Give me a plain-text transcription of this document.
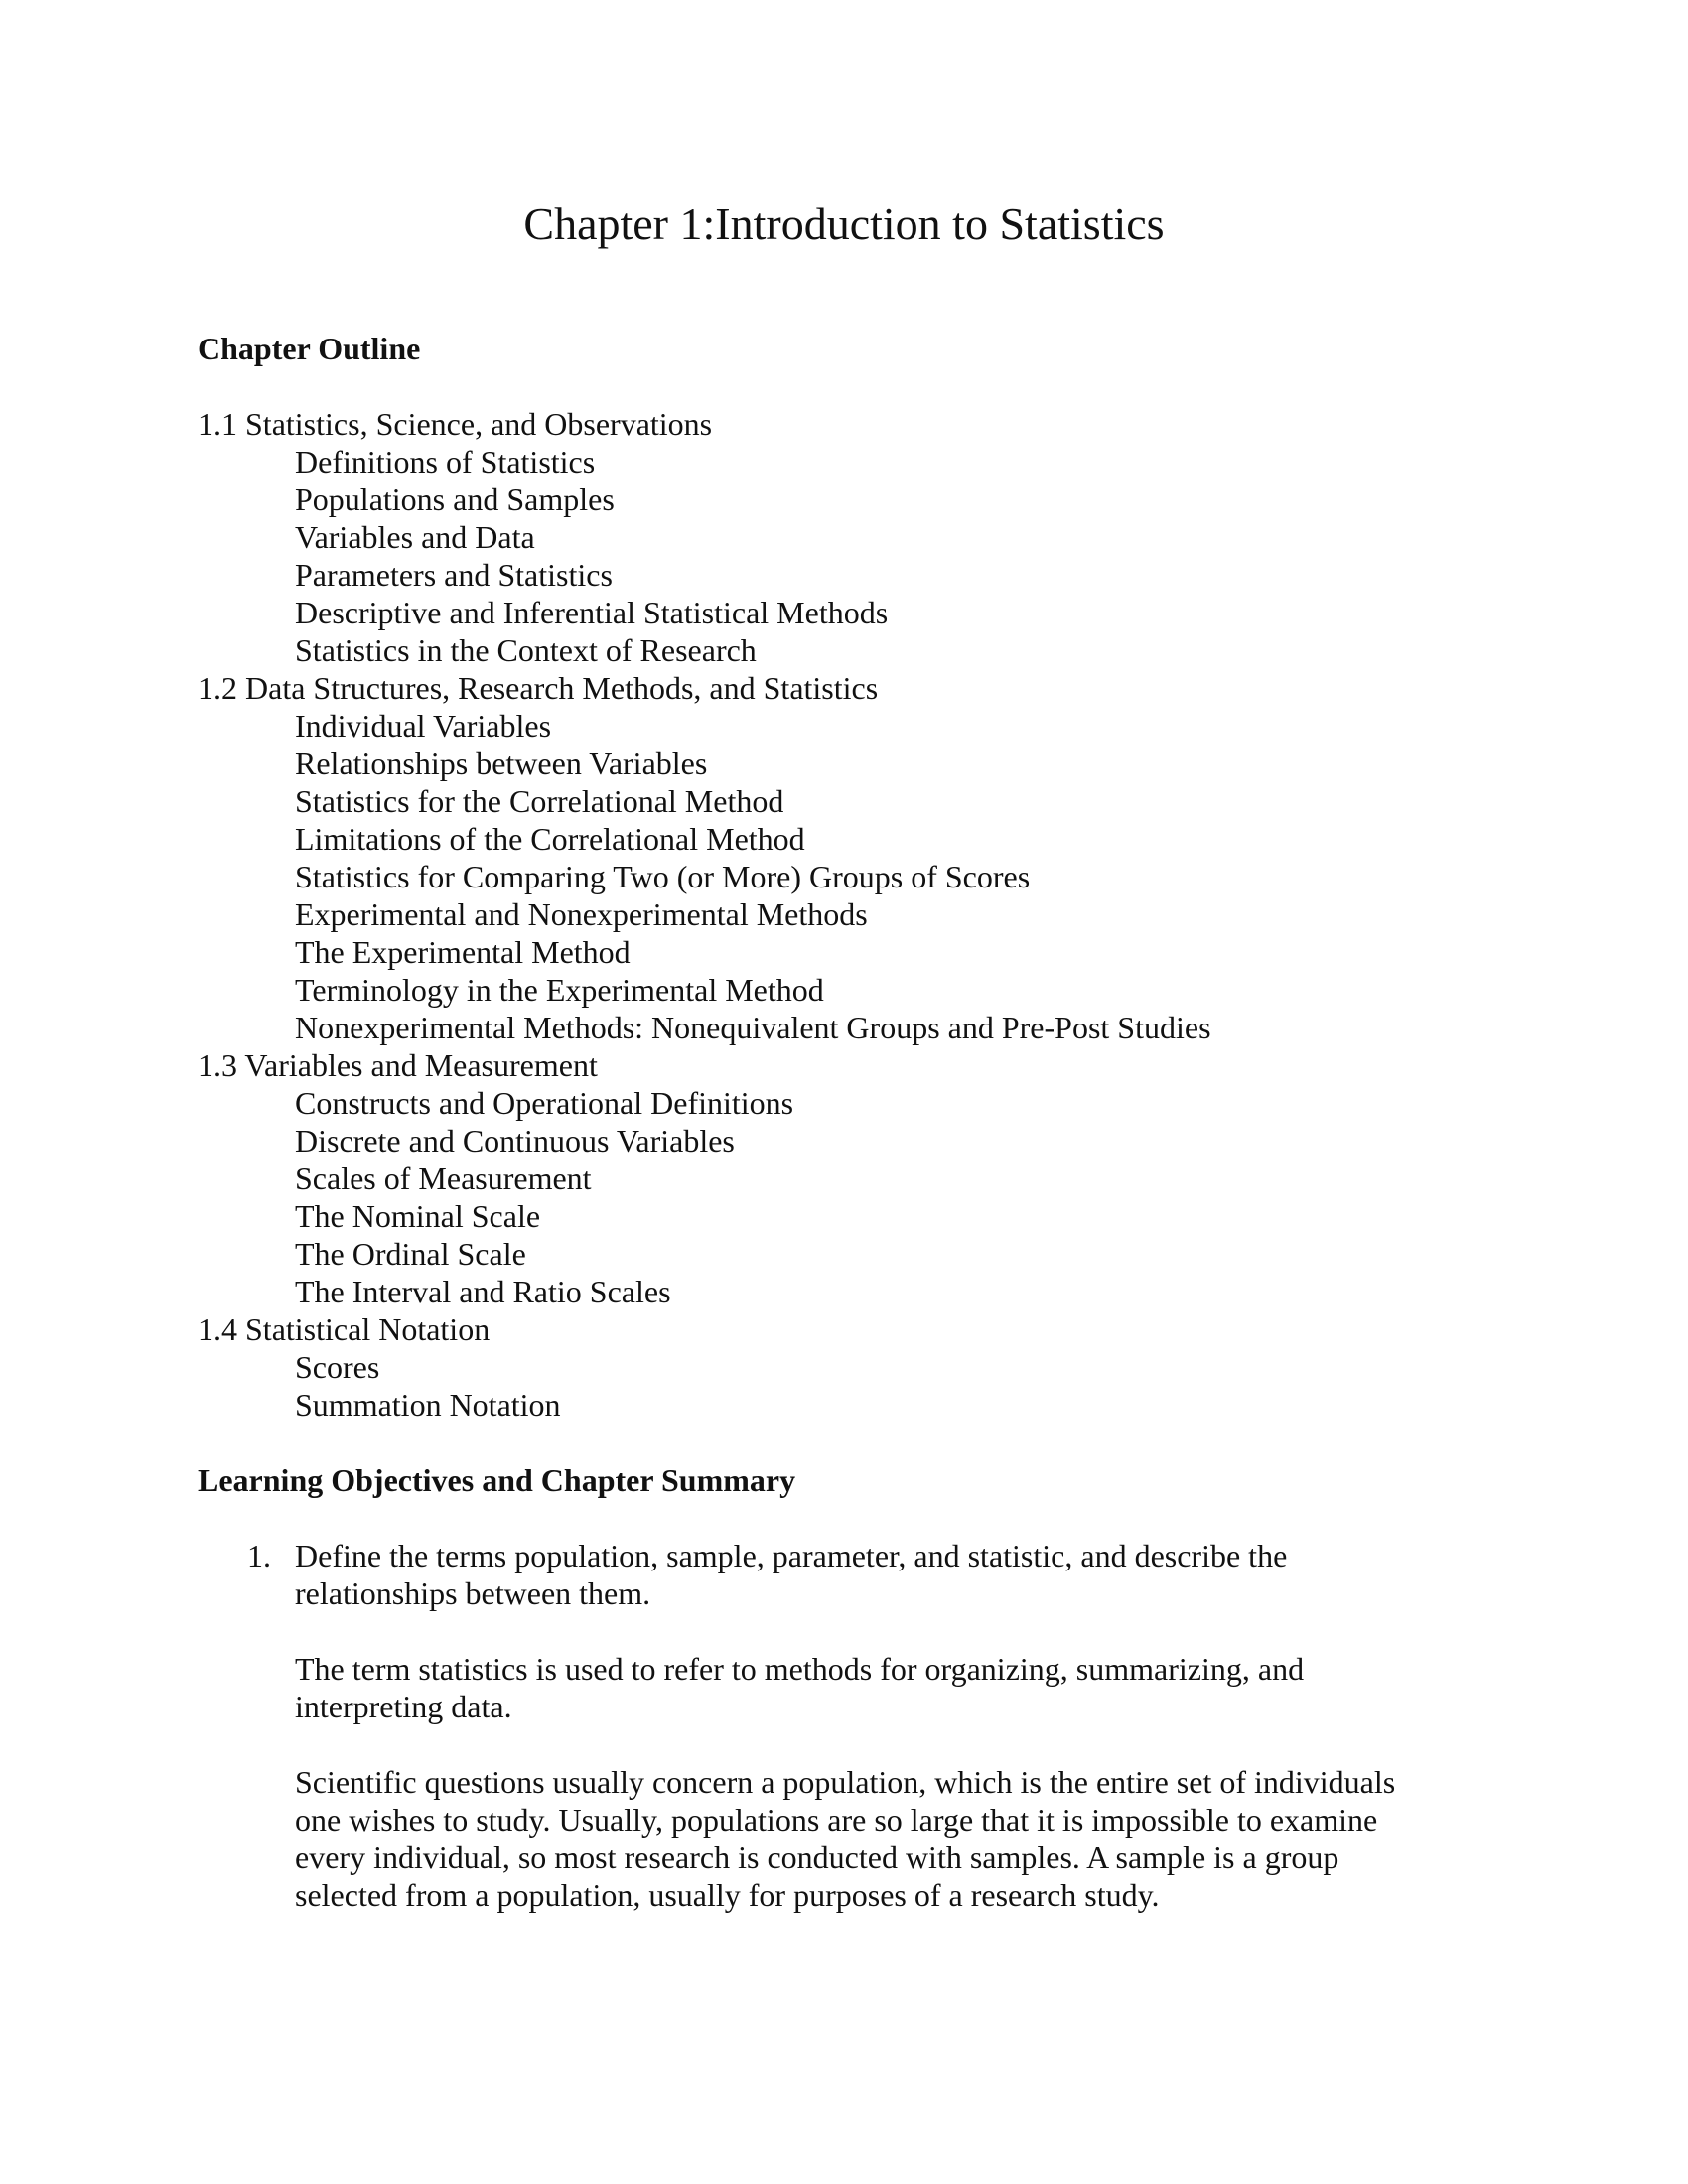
Chapter 1:Introduction to Statistics
Chapter Outline
1.1 Statistics, Science, and Observations
Definitions of Statistics
Populations and Samples
Variables and Data
Parameters and Statistics
Descriptive and Inferential Statistical Methods
Statistics in the Context of Research
1.2 Data Structures, Research Methods, and Statistics
Individual Variables
Relationships between Variables
Statistics for the Correlational Method
Limitations of the Correlational Method
Statistics for Comparing Two (or More) Groups of Scores
Experimental and Nonexperimental Methods
The Experimental Method
Terminology in the Experimental Method
Nonexperimental Methods: Nonequivalent Groups and Pre-Post Studies
1.3 Variables and Measurement
Constructs and Operational Definitions
Discrete and Continuous Variables
Scales of Measurement
The Nominal Scale
The Ordinal Scale
The Interval and Ratio Scales
1.4 Statistical Notation
Scores
Summation Notation
Learning Objectives and Chapter Summary
1. Define the terms population, sample, parameter, and statistic, and describe the
relationships between them.
The term statistics is used to refer to methods for organizing, summarizing, and
interpreting data.
Scientific questions usually concern a population, which is the entire set of individuals
one wishes to study. Usually, populations are so large that it is impossible to examine
every individual, so most research is conducted with samples. A sample is a group
selected from a population, usually for purposes of a research study.
